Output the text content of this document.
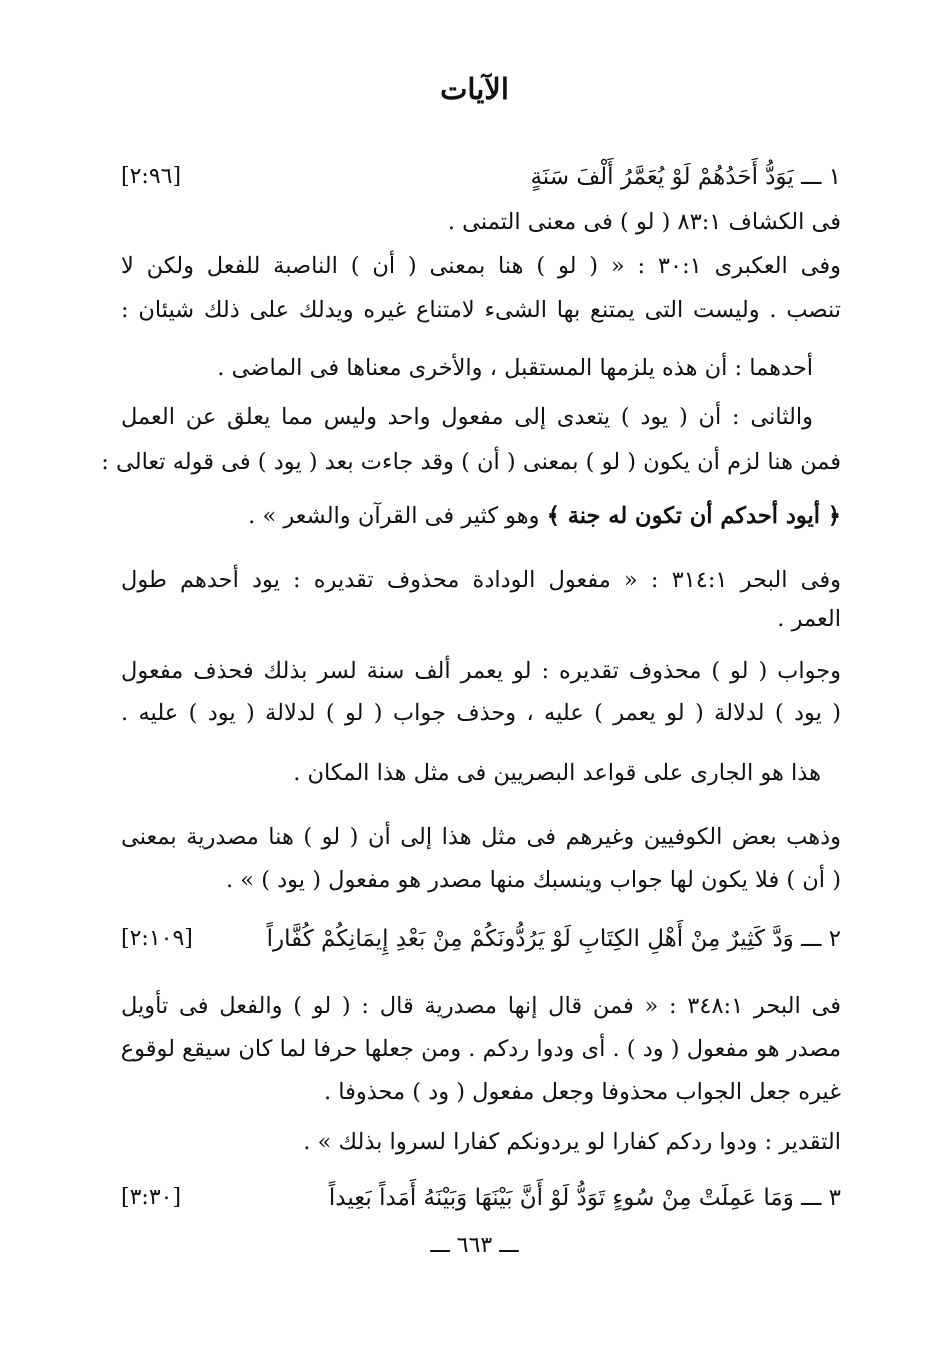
الآيات
١ ـــ يَوَدُّ أَحَدُهُمْ لَوْ يُعَمَّرُ أَلْفَ سَنَةٍ
[٢:٩٦]
فى الكشاف ٨٣:١ ( لو ) فى معنى التمنى .
وفى العكبرى ٣٠:١ : « ( لو ) هنا بمعنى ( أن ) الناصبة للفعل ولكن لا
تنصب . وليست التى يمتنع بها الشىء لامتناع غيره ويدلك على ذلك شيئان :
أحدهما : أن هذه يلزمها المستقبل ، والأخرى معناها فى الماضى .
والثانى : أن ( يود ) يتعدى إلى مفعول واحد وليس مما يعلق عن العمل
فمن هنا لزم أن يكون ( لو ) بمعنى ( أن ) وقد جاءت بعد ( يود ) فى قوله تعالى :
﴿ أيود أحدكم أن تكون له جنة ﴾ وهو كثير فى القرآن والشعر » .
وفى البحر ٣١٤:١ : « مفعول الودادة محذوف تقديره : يود أحدهم طول
العمر .
وجواب ( لو ) محذوف تقديره : لو يعمر ألف سنة لسر بذلك فحذف مفعول
( يود ) لدلالة ( لو يعمر ) عليه ، وحذف جواب ( لو ) لدلالة ( يود ) عليه .
هذا هو الجارى على قواعد البصريين فى مثل هذا المكان .
وذهب بعض الكوفيين وغيرهم فى مثل هذا إلى أن ( لو ) هنا مصدرية بمعنى
( أن ) فلا يكون لها جواب وينسبك منها مصدر هو مفعول ( يود ) » .
٢ ـــ وَدَّ كَثِيرٌ مِنْ أَهْلِ الكِتَابِ لَوْ يَرُدُّونَكُمْ مِنْ بَعْدِ إِيمَانِكُمْ كُفَّاراً
[٢:١٠٩]
فى البحر ٣٤٨:١ : « فمن قال إنها مصدرية قال : ( لو ) والفعل فى تأويل
مصدر هو مفعول ( ود ) . أى ودوا ردكم . ومن جعلها حرفا لما كان سيقع لوقوع
غيره جعل الجواب محذوفا وجعل مفعول ( ود ) محذوفا .
التقدير : ودوا ردكم كفارا لو يردونكم كفارا لسروا بذلك » .
٣ ـــ وَمَا عَمِلَتْ مِنْ سُوءٍ تَوَدُّ لَوْ أَنَّ بَيْنَهَا وَبَيْنَهُ أَمَداً بَعِيداً
[٣:٣٠]
ـــ ٦٦٣ ـــ
